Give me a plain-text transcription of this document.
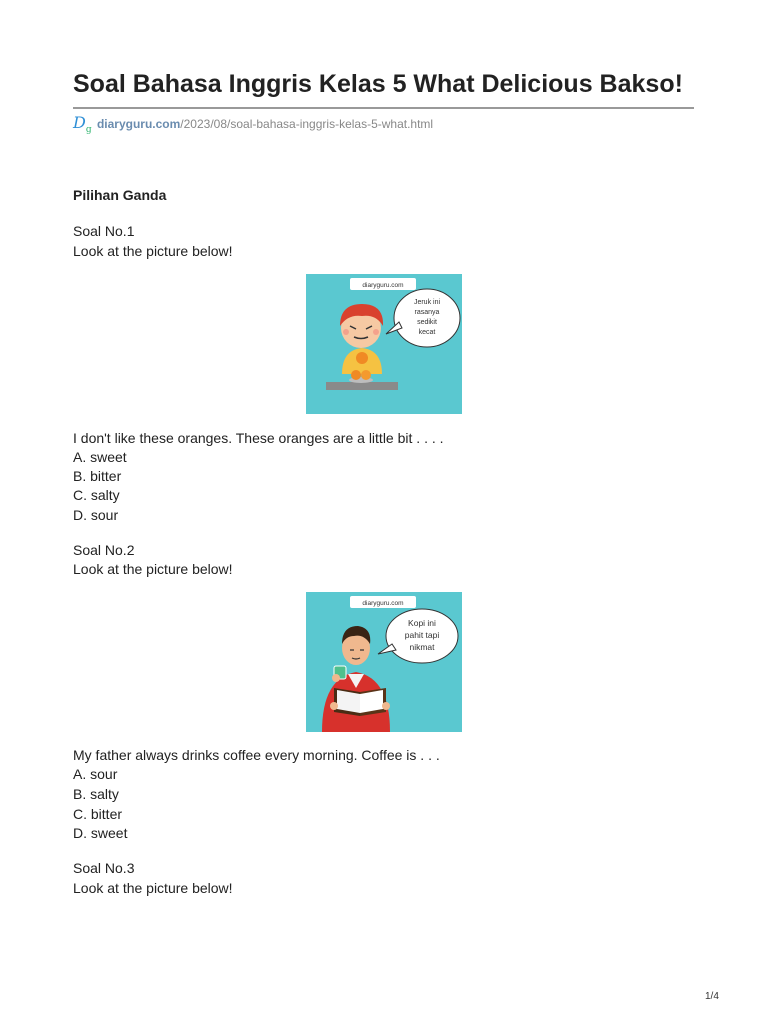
Soal Bahasa Inggris Kelas 5 What Delicious Bakso!
$D_g$ diaryguru.com/2023/08/soal-bahasa-inggris-kelas-5-what.html
Pilihan Ganda
Soal No.1
Look at the picture below!
diaryguru.com
Jeruk ini
rasanya
sedikit
kecat
I don't like these oranges. These oranges are a little bit . . . .
A. sweet
B. bitter
C. salty
D. sour
Soal No.2
Look at the picture below!
diaryguru.com
Kopi ini
pahit tapi
nikmat
My father always drinks coffee every morning. Coffee is . . .
A. sour
B. salty
C. bitter
D. sweet
Soal No.3
Look at the picture below!
1/4
